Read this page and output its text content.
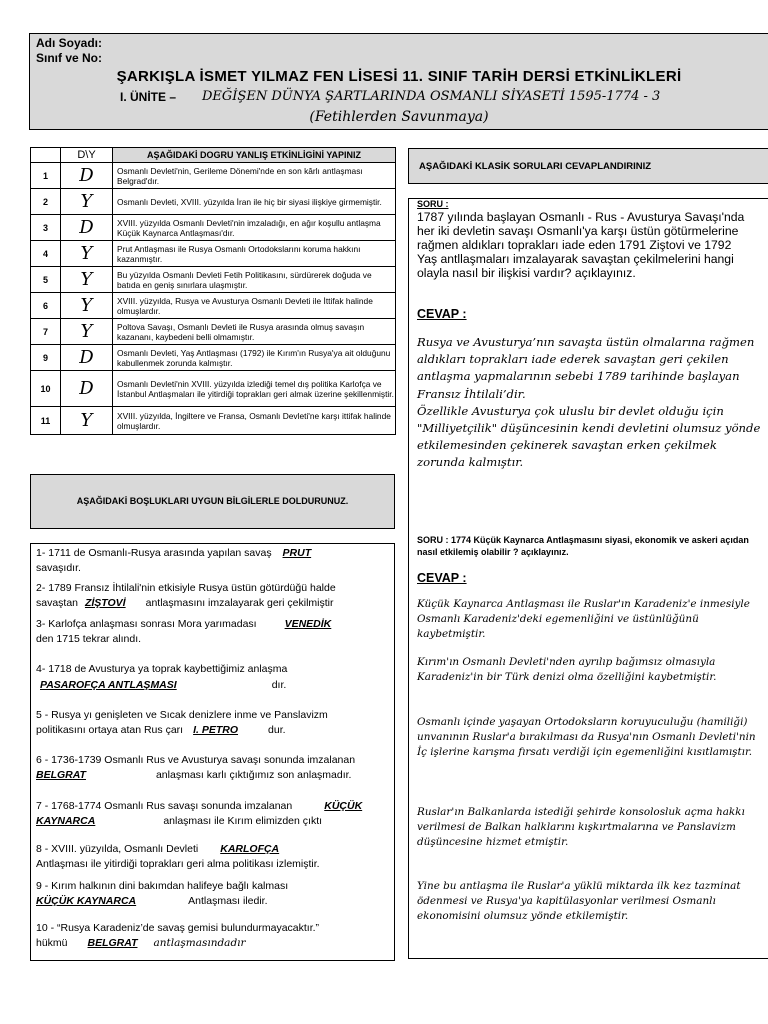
Adı Soyadı:
Sınıf ve No:
ŞARKIŞLA İSMET YILMAZ FEN LİSESİ 11. SINIF TARİH DERSİ ETKİNLİKLERİ
I. ÜNİTE – DEĞİŞEN DÜNYA ŞARTLARINDA OSMANLI SİYASETİ 1595-1774 - 3
(Fetihlerden Savunmaya)
	D\Y	AŞAĞIDAKİ DOGRU YANLIŞ ETKİNLİGİNİ YAPINIZ
1	D	Osmanlı Devleti'nin, Gerileme Dönemi'nde en son kârlı antlaşması Belgrad'dır.
2	Y	Osmanlı Devleti, XVIII. yüzyılda İran ile hiç bir siyasi ilişkiye girmemiştir.
3	D	XVIII. yüzyılda Osmanlı Devleti'nin imzaladığı, en ağır koşullu antlaşma Küçük Kaynarca Antlaşması'dır.
4	Y	Prut Antlaşması ile Rusya Osmanlı Ortodokslarını koruma hakkını kazanmıştır.
5	Y	Bu yüzyılda Osmanlı Devleti Fetih Politikasını, sürdürerek doğuda ve batıda en geniş sınırlara ulaşmıştır.
6	Y	XVIII. yüzyılda, Rusya ve Avusturya Osmanlı Devleti ile İttifak halinde olmuşlardır.
7	Y	Poltova Savaşı, Osmanlı Devleti ile Rusya arasında olmuş savaşın kazananı, kaybedeni belli olmamıştır.
9	D	Osmanlı Devleti, Yaş Antlaşması (1792) ile Kırım'ın Rusya'ya ait olduğunu kabullenmek zorunda kalmıştır.
10	D	Osmanlı Devleti'nin XVIII. yüzyılda izlediği temel dış politika Karlofça ve İstanbul Antlaşmaları ile yitirdiği toprakları geri almak üzerine şekillenmiştir.
11	Y	XVIII. yüzyılda, İngiltere ve Fransa, Osmanlı Devleti'ne karşı ittifak halinde olmuşlardır.
AŞAĞIDAKİ BOŞLUKLARI UYGUN BİLGİLERLE DOLDURUNUZ.
1- 1711 de Osmanlı-Rusya arasında yapılan savaş PRUT
savaşıdır.
2- 1789 Fransız İhtilali'nin etkisiyle Rusya üstün götürdüğü halde
savaştan ZİŞTOVİ antlaşmasını imzalayarak geri çekilmiştir
3- Karlofça anlaşması sonrası Mora yarımadası	VENEDİK
den 1715 tekrar alındı.
4- 1718 de Avusturya ya toprak kaybettiğimiz anlaşma
PASAROFÇA ANTLAŞMASI	dır.
5 - Rusya yı genişleten ve Sıcak denizlere inme ve Panslavizm
politikasını ortaya atan Rus çarı I. PETRO	dur.
6 - 1736-1739 Osmanlı Rus ve Avusturya savaşı sonunda imzalanan
BELGRAT	anlaşması karlı çıktığımız son anlaşmadır.
7 - 1768-1774 Osmanlı Rus savaşı sonunda imzalanan	KÜÇÜK
KAYNARCA	anlaşması ile Kırım elimizden çıktı
8 - XVIII. yüzyılda, Osmanlı Devleti KARLOFÇA
Antlaşması ile yitirdiği toprakları geri alma politikası izlemiştir.
9 - Kırım halkının dini bakımdan halifeye bağlı kalması
KÜÇÜK KAYNARCA	Antlaşması iledir.
10 - “Rusya Karadeniz’de savaş gemisi bulundurmayacaktır.”
hükmü BELGRAT antlaşmasındadır
AŞAĞIDAKİ KLASİK SORULARI CEVAPLANDIRINIZ
SORU :
1787 yılında başlayan Osmanlı - Rus - Avusturya Savaşı'nda her iki devletin savaşı Osmanlı'ya karşı üstün götürmelerine rağmen aldıkları toprakları iade eden 1791 Ziştovi ve 1792 Yaş antllaşmaları imzalayarak savaştan çekilmelerini hangi olayla nasıl bir ilişkisi vardır? açıklayınız.
CEVAP :
Rusya ve Avusturya’nın savaşta üstün olmalarına rağmen aldıkları toprakları iade ederek savaştan geri çekilen antlaşma yapmalarının sebebi 1789 tarihinde başlayan Fransız İhtilali’dir.
Özellikle Avusturya çok uluslu bir devlet olduğu için "Milliyetçilik" düşüncesinin kendi devletini olumsuz yönde etkilemesinden çekinerek savaştan erken çekilmek zorunda kalmıştır.
SORU : 1774 Küçük Kaynarca Antlaşmasını siyasi, ekonomik ve askeri açıdan nasıl etkilemiş olabilir ? açıklayınız.
CEVAP :

Küçük Kaynarca Antlaşması ile Ruslar'ın Karadeniz'e inmesiyle Osmanlı Karadeniz'deki egemenliğini ve üstünlüğünü kaybetmiştir.

Kırım'ın Osmanlı Devleti'nden ayrılıp bağımsız olmasıyla Karadeniz'in bir Türk denizi olma özelliğini kaybetmiştir.

Osmanlı içinde yaşayan Ortodoksların koruyuculuğu (hamiliği) unvanının Ruslar'a bırakılması da Rusya'nın Osmanlı Devleti'nin İç işlerine karışma fırsatı verdiği için egemenliğini kısıtlamıştır.

Ruslar'ın Balkanlarda istediği şehirde konsolosluk açma hakkı verilmesi de Balkan halklarını kışkırtmalarına ve Panslavizm düşüncesine hizmet etmiştir.

Yine bu antlaşma ile Ruslar'a yüklü miktarda ilk kez tazminat ödenmesi ve Rusya'ya kapitülasyonlar verilmesi Osmanlı ekonomisini olumsuz yönde etkilemiştir.
